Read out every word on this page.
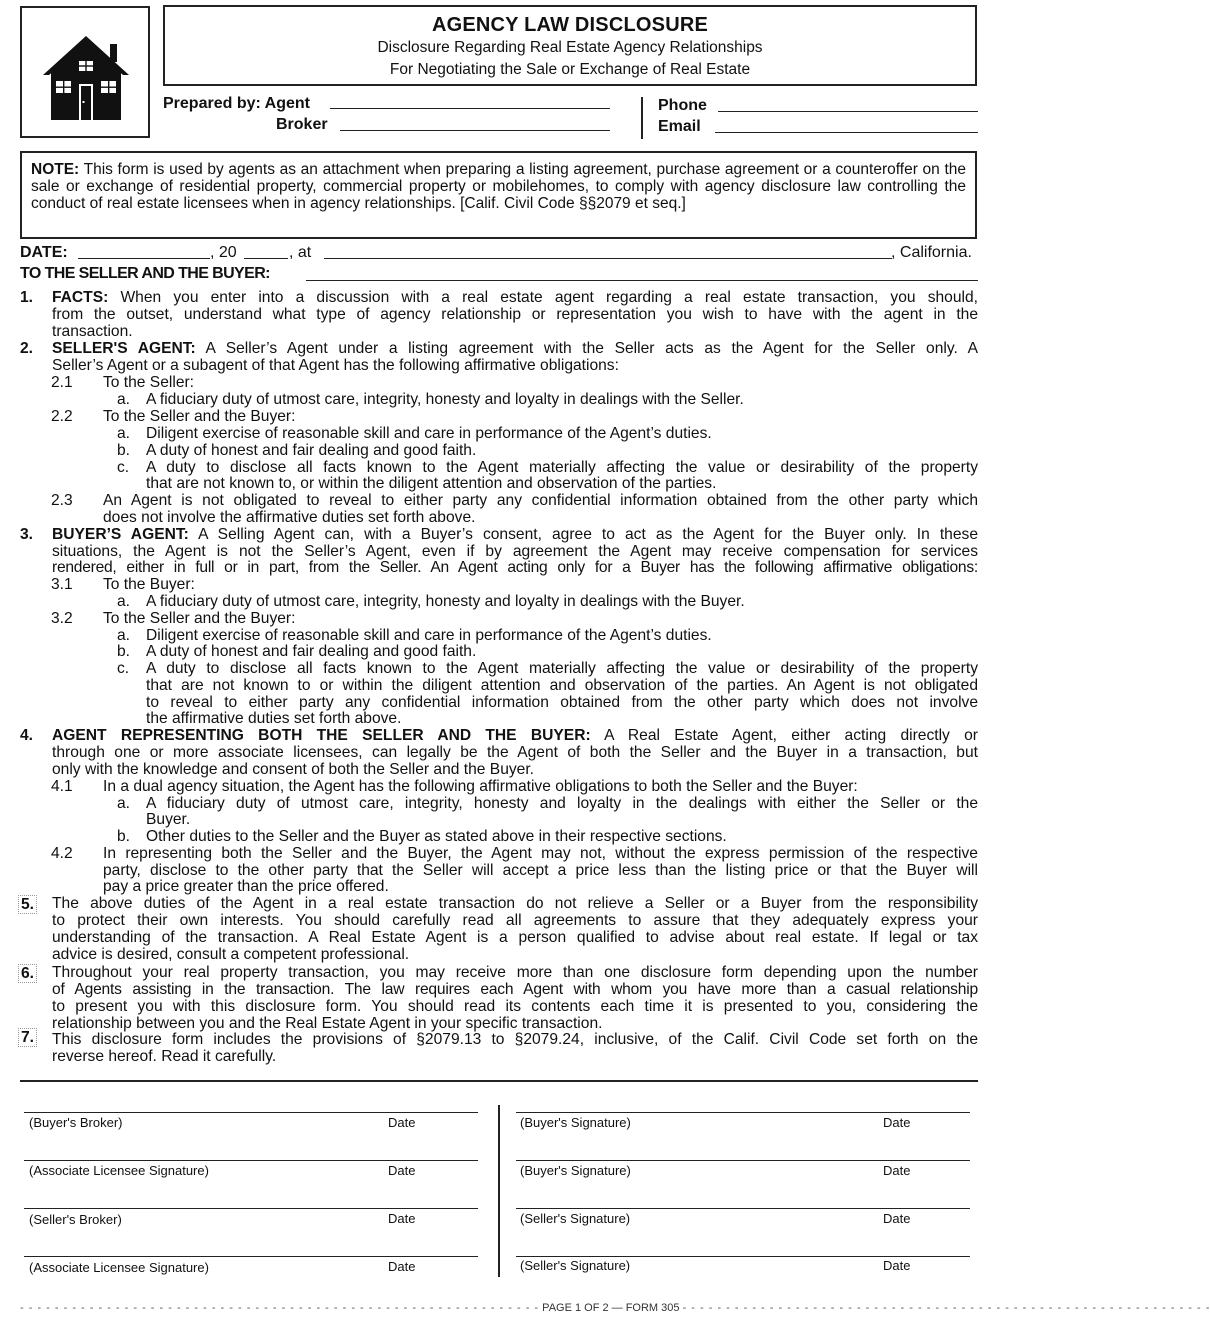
AGENCY LAW DISCLOSURE
Disclosure Regarding Real Estate Agency Relationships
For Negotiating the Sale or Exchange of Real Estate
Prepared by: Agent
Broker
Phone
Email
NOTE: This form is used by agents as an attachment when preparing a listing agreement, purchase agreement or a counteroffer on the sale or exchange of residential property, commercial property or mobilehomes, to comply with agency disclosure law controlling the conduct of real estate licensees when in agency relationships. [Calif. Civil Code §§2079 et seq.]
DATE:	, 20	, at	, California.
TO THE SELLER AND THE BUYER:
1. FACTS: When you enter into a discussion with a real estate agent regarding a real estate transaction, you should,
from the outset, understand what type of agency relationship or representation you wish to have with the agent in the
transaction.
2. SELLER'S AGENT: A Seller’s Agent under a listing agreement with the Seller acts as the Agent for the Seller only. A
Seller’s Agent or a subagent of that Agent has the following affirmative obligations:
2.1 To the Seller:
a. A fiduciary duty of utmost care, integrity, honesty and loyalty in dealings with the Seller.
2.2 To the Seller and the Buyer:
a. Diligent exercise of reasonable skill and care in performance of the Agent’s duties.
b. A duty of honest and fair dealing and good faith.
c. A duty to disclose all facts known to the Agent materially affecting the value or desirability of the property
that are not known to, or within the diligent attention and observation of the parties.
2.3 An Agent is not obligated to reveal to either party any confidential information obtained from the other party which
does not involve the affirmative duties set forth above.
3. BUYER’S AGENT: A Selling Agent can, with a Buyer’s consent, agree to act as the Agent for the Buyer only. In these
situations, the Agent is not the Seller’s Agent, even if by agreement the Agent may receive compensation for services
rendered, either in full or in part, from the Seller. An Agent acting only for a Buyer has the following affirmative obligations:
3.1 To the Buyer:
a. A fiduciary duty of utmost care, integrity, honesty and loyalty in dealings with the Buyer.
3.2 To the Seller and the Buyer:
a. Diligent exercise of reasonable skill and care in performance of the Agent’s duties.
b. A duty of honest and fair dealing and good faith.
c. A duty to disclose all facts known to the Agent materially affecting the value or desirability of the property
that are not known to or within the diligent attention and observation of the parties. An Agent is not obligated
to reveal to either party any confidential information obtained from the other party which does not involve
the affirmative duties set forth above.
4. AGENT REPRESENTING BOTH THE SELLER AND THE BUYER: A Real Estate Agent, either acting directly or
through one or more associate licensees, can legally be the Agent of both the Seller and the Buyer in a transaction, but
only with the knowledge and consent of both the Seller and the Buyer.
4.1 In a dual agency situation, the Agent has the following affirmative obligations to both the Seller and the Buyer:
a. A fiduciary duty of utmost care, integrity, honesty and loyalty in the dealings with either the Seller or the
Buyer.
b. Other duties to the Seller and the Buyer as stated above in their respective sections.
4.2 In representing both the Seller and the Buyer, the Agent may not, without the express permission of the respective
party, disclose to the other party that the Seller will accept a price less than the listing price or that the Buyer will
pay a price greater than the price offered.
5. The above duties of the Agent in a real estate transaction do not relieve a Seller or a Buyer from the responsibility
to protect their own interests. You should carefully read all agreements to assure that they adequately express your
understanding of the transaction. A Real Estate Agent is a person qualified to advise about real estate. If legal or tax
advice is desired, consult a competent professional.
6. Throughout your real property transaction, you may receive more than one disclosure form depending upon the number
of Agents assisting in the transaction. The law requires each Agent with whom you have more than a casual relationship
to present you with this disclosure form. You should read its contents each time it is presented to you, considering the
relationship between you and the Real Estate Agent in your specific transaction.
7. This disclosure form includes the provisions of §2079.13 to §2079.24, inclusive, of the Calif. Civil Code set forth on the
reverse hereof. Read it carefully.
(Buyer's Broker)	Date
(Associate Licensee Signature)	Date
(Seller's Broker)	Date
(Associate Licensee Signature)	Date
(Buyer's Signature)	Date
(Buyer's Signature)	Date
(Seller's Signature)	Date
(Seller's Signature)	Date
- - - - - - - - - - - - - - - - - - - - - - - - - - - - - - - - - - - - - - - - - - - - - - - - - - - - - - - - - - - - PAGE 1 OF 2 — FORM 305 - - - - - - - - - - - - - - - - - - - - - - - - - - - - - - - - - - - - - - - - - - - - - - - - - - - - - - - - - - - - -
